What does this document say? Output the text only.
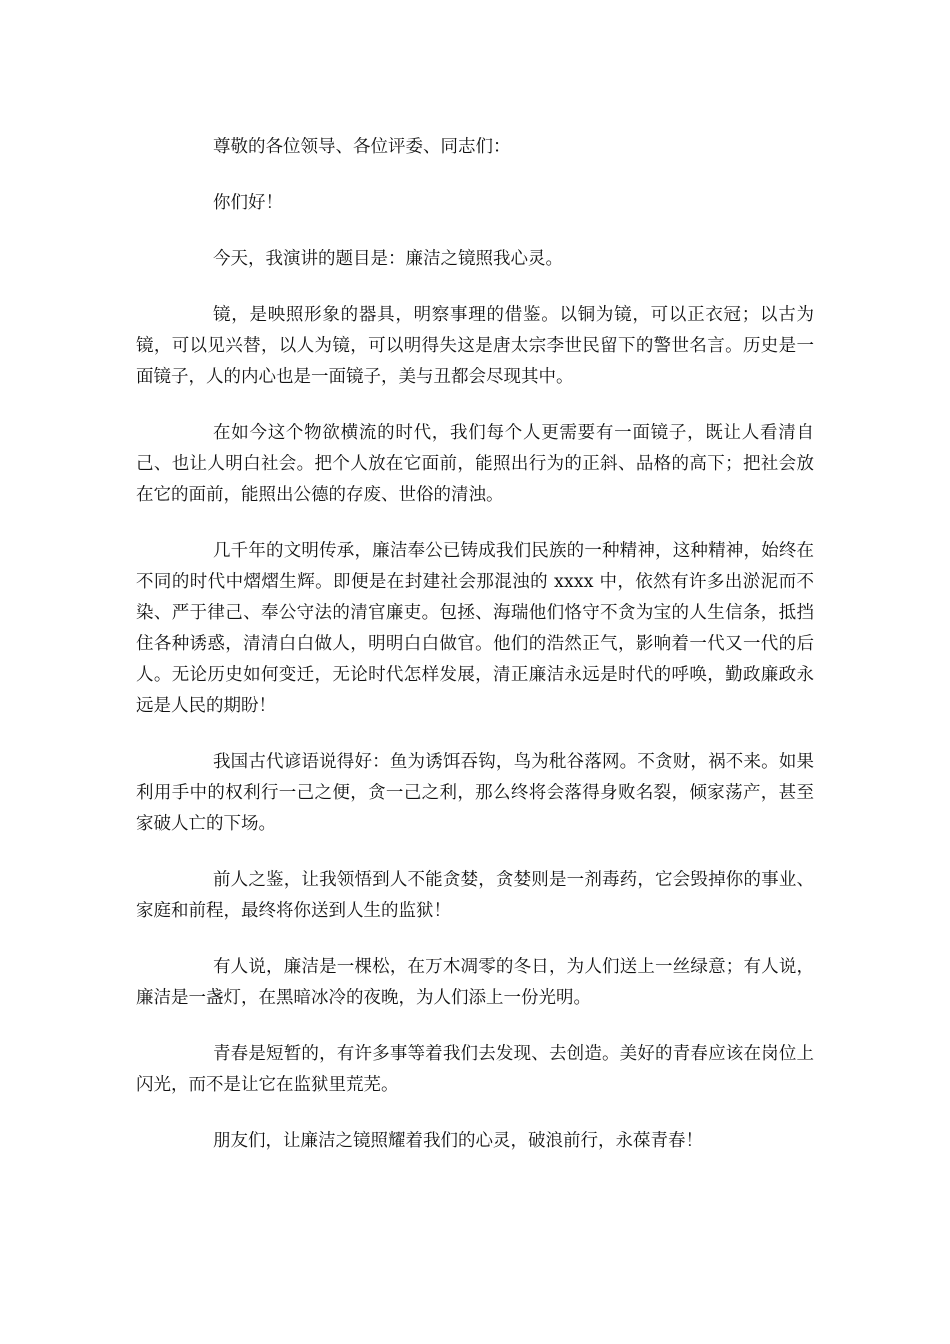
尊敬的各位领导、各位评委、同志们：

你们好！

今天，我演讲的题目是：廉洁之镜照我心灵。

镜，是映照形象的器具，明察事理的借鉴。以铜为镜，可以正衣冠；以古为镜，可以见兴替，以人为镜，可以明得失这是唐太宗李世民留下的警世名言。历史是一面镜子，人的内心也是一面镜子，美与丑都会尽现其中。

在如今这个物欲横流的时代，我们每个人更需要有一面镜子，既让人看清自己、也让人明白社会。把个人放在它面前，能照出行为的正斜、品格的高下；把社会放在它的面前，能照出公德的存废、世俗的清浊。

几千年的文明传承，廉洁奉公已铸成我们民族的一种精神，这种精神，始终在不同的时代中熠熠生辉。即便是在封建社会那混浊的 xxxx 中，依然有许多出淤泥而不染、严于律己、奉公守法的清官廉吏。包拯、海瑞他们恪守不贪为宝的人生信条，抵挡住各种诱惑，清清白白做人，明明白白做官。他们的浩然正气，影响着一代又一代的后人。无论历史如何变迁，无论时代怎样发展，清正廉洁永远是时代的呼唤，勤政廉政永远是人民的期盼！

我国古代谚语说得好：鱼为诱饵吞钩，鸟为秕谷落网。不贪财，祸不来。如果利用手中的权利行一己之便，贪一己之利，那么终将会落得身败名裂，倾家荡产，甚至家破人亡的下场。

前人之鉴，让我领悟到人不能贪婪，贪婪则是一剂毒药，它会毁掉你的事业、家庭和前程，最终将你送到人生的监狱！

有人说，廉洁是一棵松，在万木凋零的冬日，为人们送上一丝绿意；有人说，廉洁是一盏灯，在黑暗冰冷的夜晚，为人们添上一份光明。

青春是短暂的，有许多事等着我们去发现、去创造。美好的青春应该在岗位上闪光，而不是让它在监狱里荒芜。

朋友们，让廉洁之镜照耀着我们的心灵，破浪前行，永葆青春！
